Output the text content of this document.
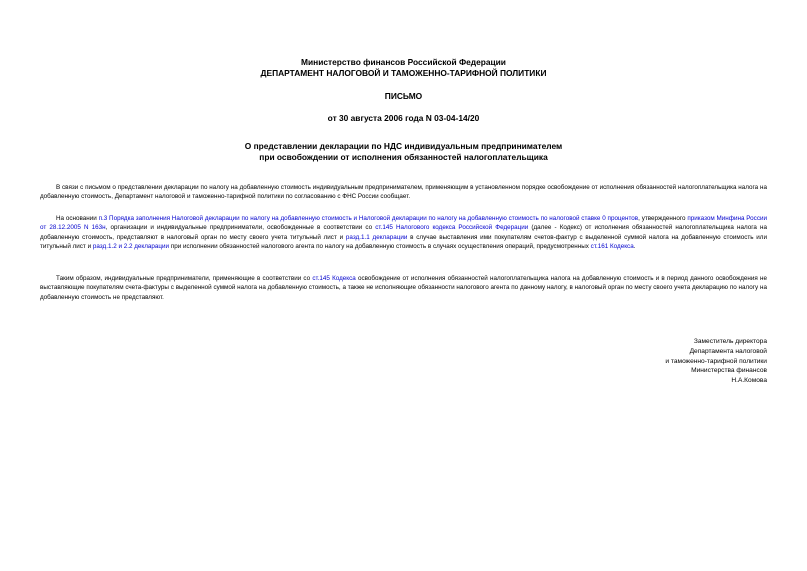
Министерство финансов Российской Федерации
ДЕПАРТАМЕНТ НАЛОГОВОЙ И ТАМОЖЕННО-ТАРИФНОЙ ПОЛИТИКИ
ПИСЬМО
от 30 августа 2006 года N 03-04-14/20
О представлении декларации по НДС индивидуальным предпринимателем
при освобождении от исполнения обязанностей налогоплательщика

В связи с письмом о представлении декларации по налогу на добавленную стоимость индивидуальным предпринимателем, применяющим в установленном порядке освобождение от исполнения обязанностей налогоплательщика налога на добавленную стоимость, Департамент налоговой и таможенно-тарифной политики по согласованию с ФНС России сообщает.

На основании п.3 Порядка заполнения Налоговой декларации по налогу на добавленную стоимость и Налоговой декларации по налогу на добавленную стоимость по налоговой ставке 0 процентов, утвержденного приказом Минфина России от 28.12.2005 N 163н, организации и индивидуальные предприниматели, освобожденные в соответствии со ст.145 Налогового кодекса Российской Федерации (далее - Кодекс) от исполнения обязанностей налогоплательщика налога на добавленную стоимость, представляют в налоговый орган по месту своего учета титульный лист и разд.1.1 декларации в случае выставления ими покупателям счетов-фактур с выделенной суммой налога на добавленную стоимость или титульный лист и разд.1.2 и 2.2 декларации при исполнении обязанностей налогового агента по налогу на добавленную стоимость в случаях осуществления операций, предусмотренных ст.161 Кодекса.

Таким образом, индивидуальные предприниматели, применяющие в соответствии со ст.145 Кодекса освобождение от исполнения обязанностей налогоплательщика налога на добавленную стоимость и в период данного освобождения не выставляющие покупателям счета-фактуры с выделенной суммой налога на добавленную стоимость, а также не исполняющие обязанности налогового агента по данному налогу, в налоговый орган по месту своего учета декларацию по налогу на добавленную стоимость не представляют.

Заместитель директора
Департамента налоговой
и таможенно-тарифной политики
Министерства финансов
Н.А.Комова
